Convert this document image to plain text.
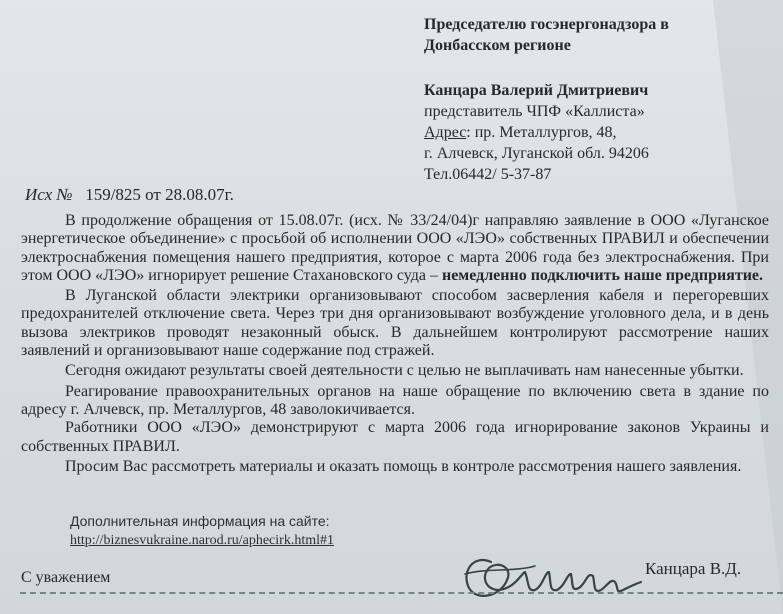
Председателю госэнергонадзора в
Донбасском регионе
Канцара Валерий Дмитриевич
представитель ЧПФ «Каллиста»
Адрес: пр. Металлургов, 48,
г. Алчевск, Луганской обл. 94206
Тел.06442/ 5-37-87
Исх № 159/825 от 28.08.07г.

В продолжение обращения от 15.08.07г. (исх. № 33/24/04)г направляю заявление в ООО «Луганское энергетическое объединение» с просьбой об исполнении ООО «ЛЭО» собственных ПРАВИЛ и обеспечении электроснабжения помещения нашего предприятия, которое с марта 2006 года без электроснабжения. При этом ООО «ЛЭО» игнорирует решение Стахановского суда – немедленно подключить наше предприятие.

В Луганской области электрики организовывают способом засверления кабеля и перегоревших предохранителей отключение света. Через три дня организовывают возбуждение уголовного дела, и в день вызова электриков проводят незаконный обыск. В дальнейшем контролируют рассмотрение наших заявлений и организовывают наше содержание под стражей.

Сегодня ожидают результаты своей деятельности с целью не выплачивать нам нанесенные убытки.

Реагирование правоохранительных органов на наше обращение по включению света в здание по адресу г. Алчевск, пр. Металлургов, 48 заволокичивается.

Работники ООО «ЛЭО» демонстрируют с марта 2006 года игнорирование законов Украины и собственных ПРАВИЛ.

Просим Вас рассмотреть материалы и оказать помощь в контроле рассмотрения нашего заявления.

Дополнительная информация на сайте:
http://biznesvukraine.narod.ru/aphecirk.html#1
Канцара В.Д.
С уважением
